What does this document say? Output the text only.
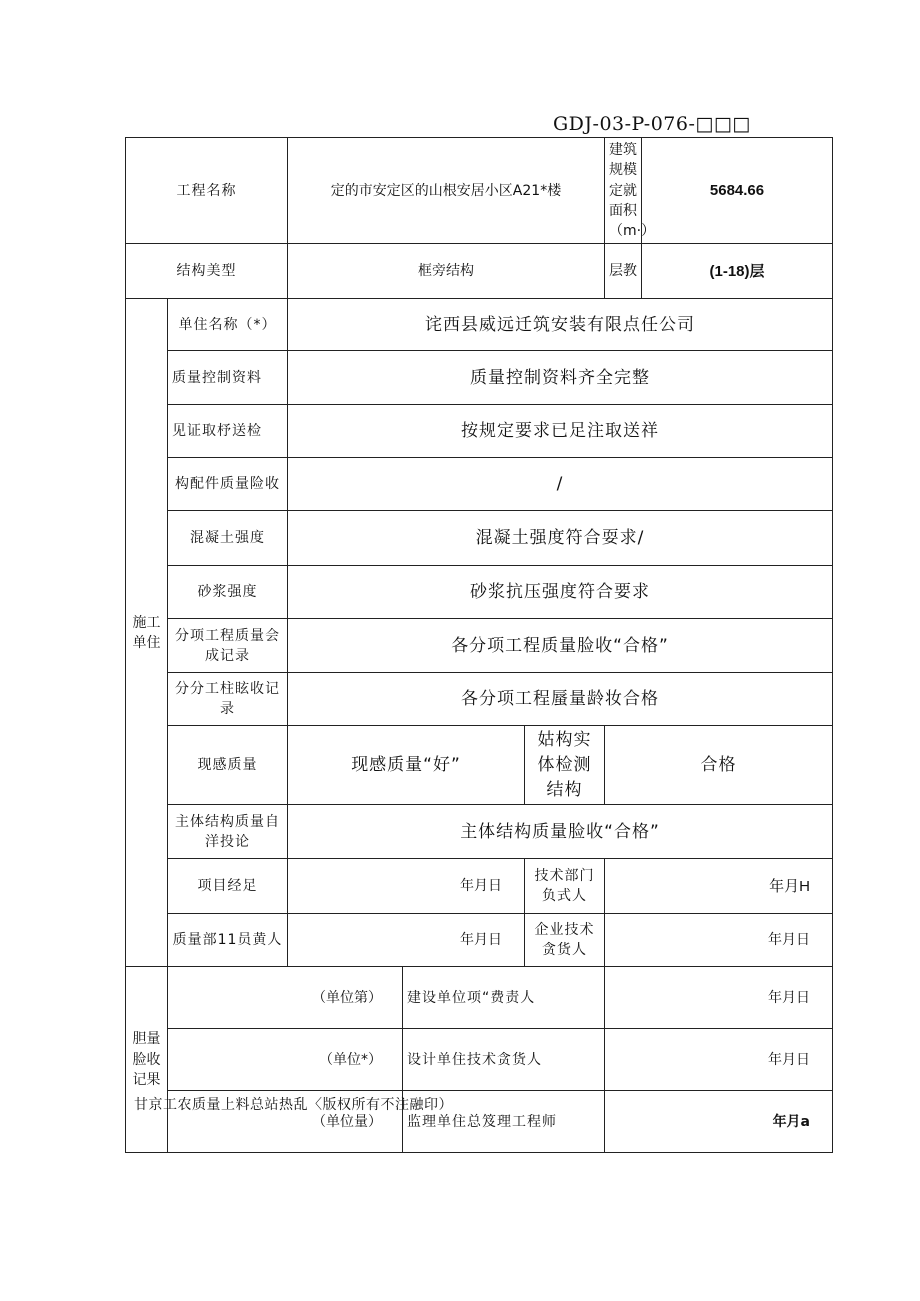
GDJ-03-P-076-□□□
工程名称		定的市安定区的山根安居小区A21*楼			建筑规模定就面积（m·）	5684.66
结构美型		框旁结构			层教	(1-18)层
施工单住	单住名称（*）	诧西县威远迁筑安装有限点任公司				
	质量控制资料	质量控制资料齐全完整				
	见证取杼送检	按规定要求已足注取送祥				
	构配件质量险收	/				
	混凝土强度	混凝土强度符合耍求/				
	砂浆强度	砂浆抗压强度符合要求				
	分项工程质量会成记录	各分项工程质量脸收“合格”				
	分分工柱眩收记录	各分项工程蜃量龄妆合格				
	现感质量	现感质量“好”		姑构实体检测结构	合格	
	主体结构质量自洋投论	主体结构质量脸收“合格”				
	项目经足	年月日		技术部门负式人	年月H	
	质量部11员黄人	年月日		企业技术贪货人	年月日	
胆量脸收记果	（单位第）		建设单位项“费责人		年月日	
	（单位*）		设计单住技术贪货人		年月日	
	（单位量）		监理单住总笈理工程师		年月a	
甘京工农质量上料总站热乱〈版权所有不注融印）
